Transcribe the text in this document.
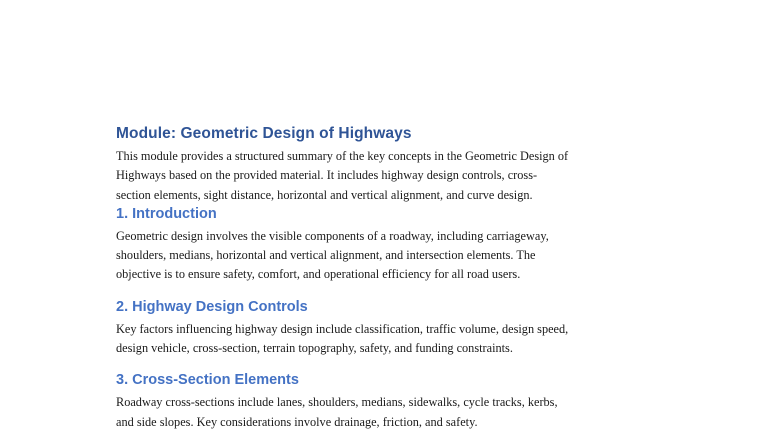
Module: Geometric Design of Highways

This module provides a structured summary of the key concepts in the Geometric Design of
Highways based on the provided material. It includes highway design controls, cross-
section elements, sight distance, horizontal and vertical alignment, and curve design.

1. Introduction

Geometric design involves the visible components of a roadway, including carriageway,
shoulders, medians, horizontal and vertical alignment, and intersection elements. The
objective is to ensure safety, comfort, and operational efficiency for all road users.

2. Highway Design Controls

Key factors influencing highway design include classification, traffic volume, design speed,
design vehicle, cross-section, terrain topography, safety, and funding constraints.

3. Cross-Section Elements

Roadway cross-sections include lanes, shoulders, medians, sidewalks, cycle tracks, kerbs,
and side slopes. Key considerations involve drainage, friction, and safety.
